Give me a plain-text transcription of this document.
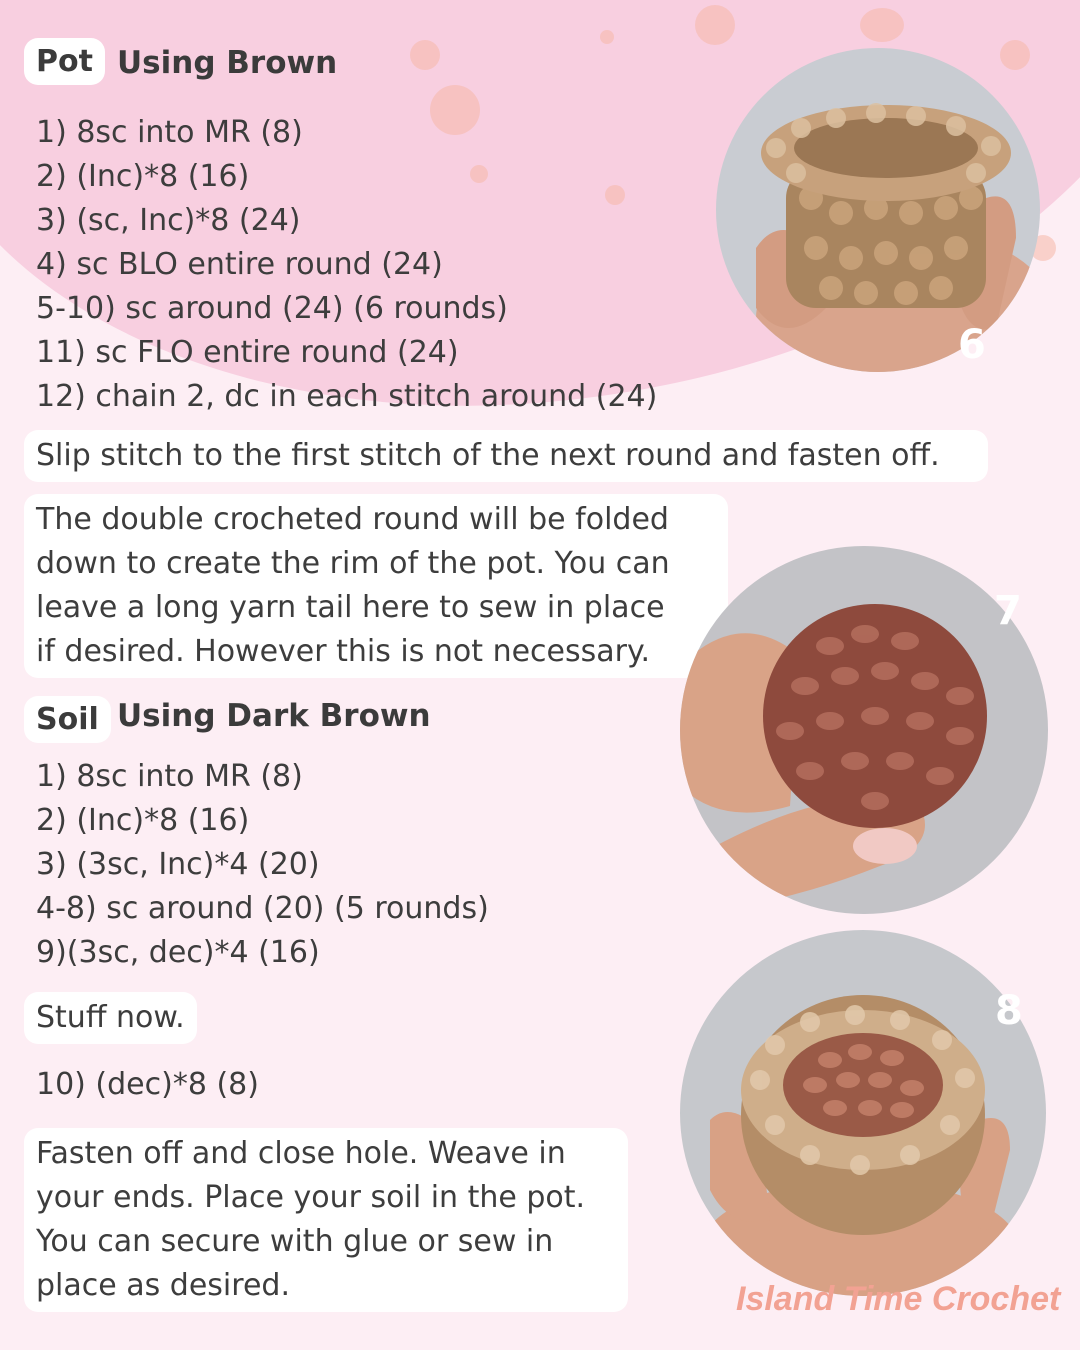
Pot Using Brown
1) 8sc into MR (8)
2) (Inc)*8 (16)
3) (sc, Inc)*8 (24)
4) sc BLO entire round (24)
5-10) sc around (24) (6 rounds)
11) sc FLO entire round (24)
12) chain 2, dc in each stitch around (24)
Slip stitch to the first stitch of the next round and fasten off.
The double crocheted round will be folded
down to create the rim of the pot. You can
leave a long yarn tail here to sew in place
if desired. However this is not necessary.
Soil Using Dark Brown
1) 8sc into MR (8)
2) (Inc)*8 (16)
3) (3sc, Inc)*4 (20)
4-8) sc around (20) (5 rounds)
9)(3sc, dec)*4 (16)
Stuff now.
10) (dec)*8 (8)
Fasten off and close hole. Weave in
your ends. Place your soil in the pot.
You can secure with glue or sew in
place as desired.
6
7
8
Island Time Crochet
